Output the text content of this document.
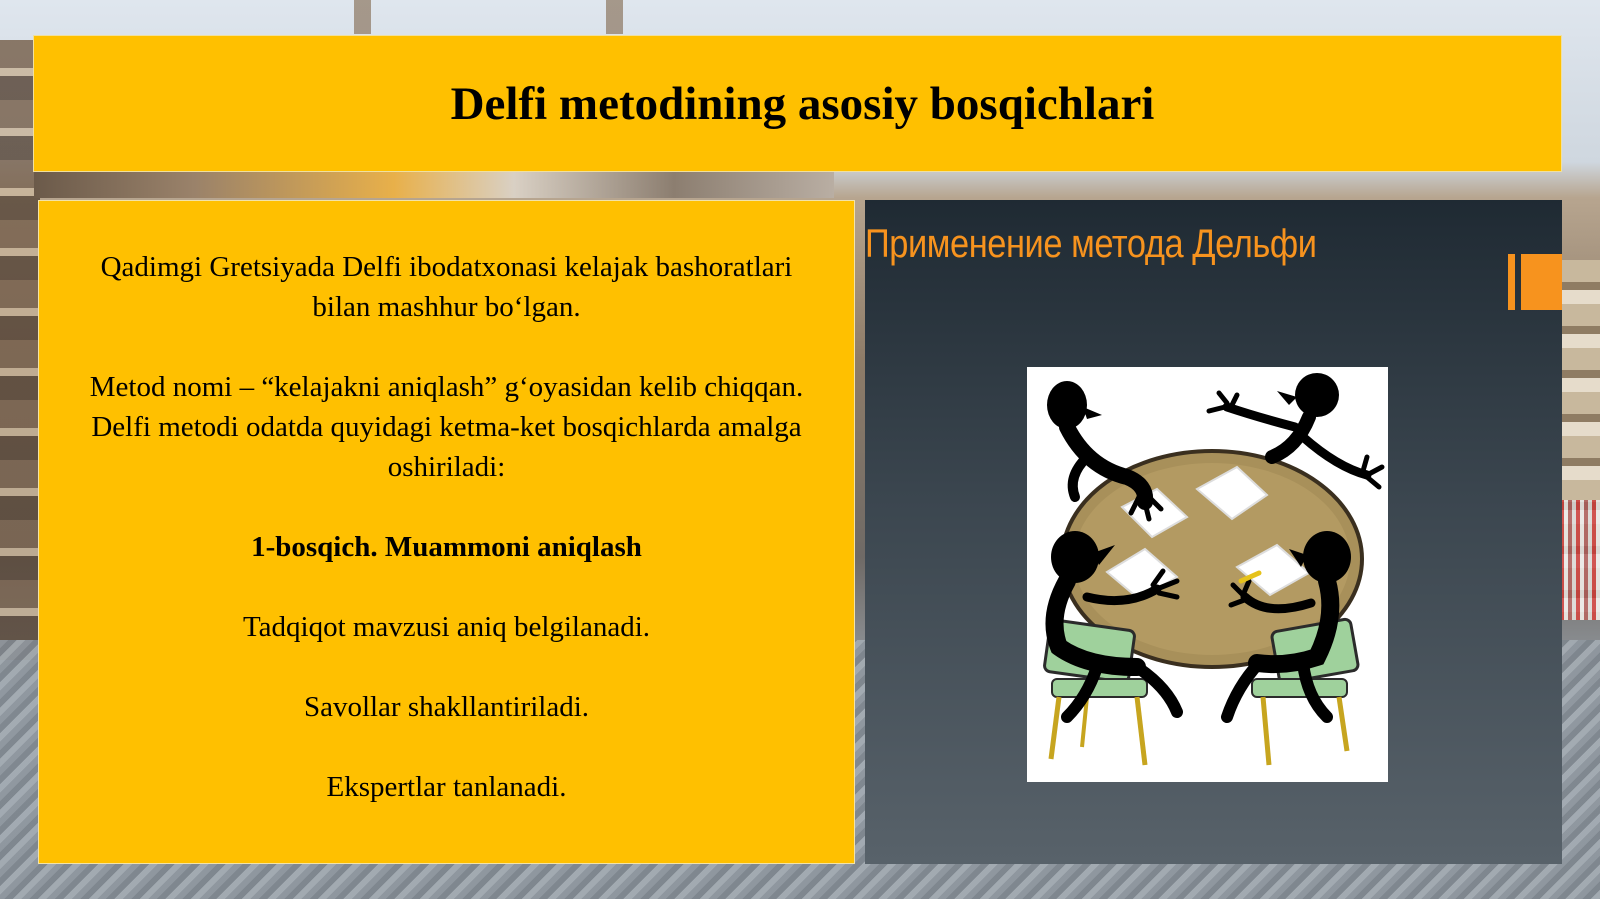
Delfi metodining asosiy bosqichlari

Qadimgi Gretsiyada Delfi ibodatxonasi kelajak bashoratlari bilan mashhur bo‘lgan.

Metod nomi – “kelajakni aniqlash” g‘oyasidan kelib chiqqan.

Delfi metodi odatda quyidagi ketma-ket bosqichlarda amalga oshiriladi:

1-bosqich. Muammoni aniqlash

Tadqiqot mavzusi aniq belgilanadi.

Savollar shakllantiriladi.

Ekspertlar tanlanadi.

Применение метода Дельфи
